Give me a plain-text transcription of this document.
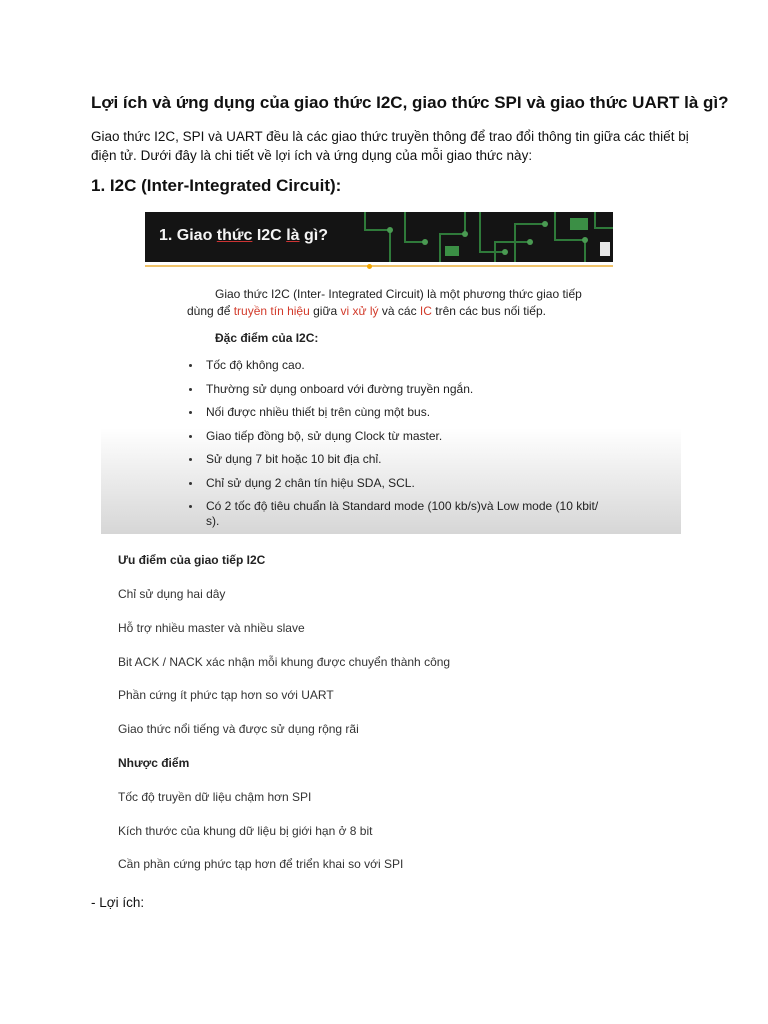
Lợi ích và ứng dụng của giao thức I2C, giao thức SPI và giao thức UART là gì?

Giao thức I2C, SPI và UART đều là các giao thức truyền thông để trao đổi thông tin giữa các thiết bị điện tử. Dưới đây là chi tiết về lợi ích và ứng dụng của mỗi giao thức này:

1. I2C (Inter-Integrated Circuit):
1. Giao thức I2C là gì?
Giao thức I2C (Inter- Integrated Circuit) là một phương thức giao tiếp
dùng để truyền tín hiệu giữa vi xử lý và các IC trên các bus nối tiếp.
Đặc điểm của I2C:
Tốc độ không cao.
Thường sử dụng onboard với đường truyền ngắn.
Nối được nhiều thiết bị trên cùng một bus.
Giao tiếp đồng bộ, sử dụng Clock từ master.
Sử dụng 7 bit hoặc 10 bit địa chỉ.
Chỉ sử dụng 2 chân tín hiệu SDA, SCL.
Có 2 tốc độ tiêu chuẩn là Standard mode (100 kb/s)và Low mode (10 kbit/ s).

Ưu điểm của giao tiếp I2C

Chỉ sử dụng hai dây

Hỗ trợ nhiều master và nhiều slave

Bit ACK / NACK xác nhận mỗi khung được chuyển thành công

Phần cứng ít phức tạp hơn so với UART

Giao thức nổi tiếng và được sử dụng rộng rãi

Nhược điểm

Tốc độ truyền dữ liệu chậm hơn SPI

Kích thước của khung dữ liệu bị giới hạn ở 8 bit

Cần phần cứng phức tạp hơn để triển khai so với SPI

- Lợi ích:
